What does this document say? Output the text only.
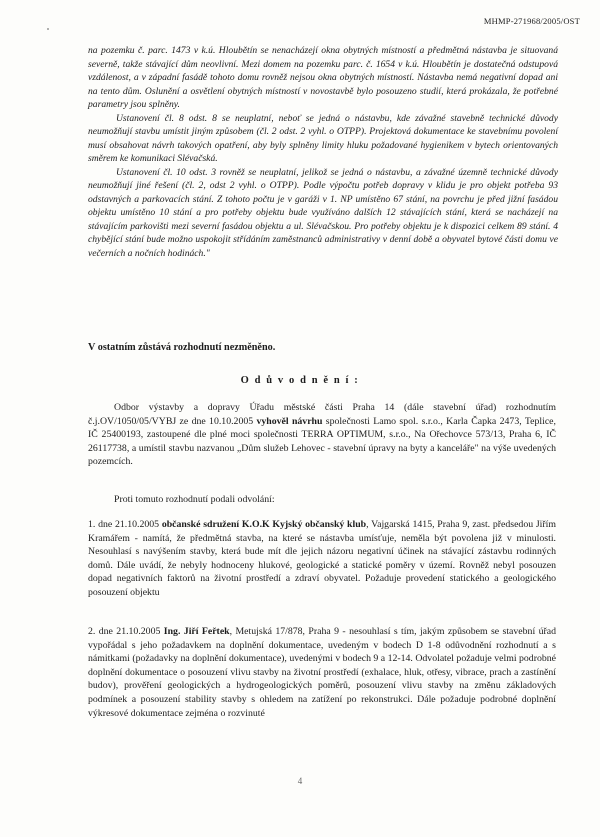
MHMP-271968/2005/OST

na pozemku č. parc. 1473 v k.ú. Hloubětín se nenacházejí okna obytných místností a předmětná nástavba je situovaná severně, takže stávající dům neovlivní. Mezi domem na pozemku parc. č. 1654 v k.ú. Hloubětín je dostatečná odstupová vzdálenost, a v západní fasádě tohoto domu rovněž nejsou okna obytných místností. Nástavba nemá negativní dopad ani na tento dům. Oslunění a osvětlení obytných místností v novostavbě bylo posouzeno studií, která prokázala, že potřebné parametry jsou splněny.

Ustanovení čl. 8 odst. 8 se neuplatní, neboť se jedná o nástavbu, kde závažné stavebně technické důvody neumožňují stavbu umístit jiným způsobem (čl. 2 odst. 2 vyhl. o OTPP). Projektová dokumentace ke stavebnímu povolení musí obsahovat návrh takových opatření, aby byly splněny limity hluku požadované hygienikem v bytech orientovaných směrem ke komunikaci Slévačská.

Ustanovení čl. 10 odst. 3 rovněž se neuplatní, jelikož se jedná o nástavbu, a závažné územně technické důvody neumožňují jiné řešení (čl. 2, odst 2 vyhl. o OTPP). Podle výpočtu potřeb dopravy v klidu je pro objekt potřeba 93 odstavných a parkovacích stání. Z tohoto počtu je v garáži v 1. NP umístěno 67 stání, na povrchu je před jižní fasádou objektu umístěno 10 stání a pro potřeby objektu bude využíváno dalších 12 stávajících stání, která se nacházejí na stávajícím parkovišti mezi severní fasádou objektu a ul. Slévačskou. Pro potřeby objektu je k dispozici celkem 89 stání. 4 chybějící stání bude možno uspokojit střídáním zaměstnanců administrativy v denní době a obyvatel bytové části domu ve večerních a nočních hodinách."

V ostatním zůstává rozhodnutí nezměněno.
O d ů v o d n ě n í :

Odbor výstavby a dopravy Úřadu městské části Praha 14 (dále stavební úřad) rozhodnutím č.j.OV/1050/05/VYBJ ze dne 10.10.2005 vyhověl návrhu společnosti Lamo spol. s.r.o., Karla Čapka 2473, Teplice, IČ 25400193, zastoupené dle plné moci společnosti TERRA OPTIMUM, s.r.o., Na Ořechovce 573/13, Praha 6, IČ 26117738, a umístil stavbu nazvanou „Dům služeb Lehovec - stavební úpravy na byty a kanceláře" na výše uvedených pozemcích.

Proti tomuto rozhodnutí podali odvolání:

1. dne 21.10.2005 občanské sdružení K.O.K Kyjský občanský klub, Vajgarská 1415, Praha 9, zast. předsedou Jiřím Kramářem - namítá, že předmětná stavba, na které se nástavba umísťuje, neměla být povolena již v minulosti. Nesouhlasí s navýšením stavby, která bude mít dle jejich názoru negativní účinek na stávající zástavbu rodinných domů. Dále uvádí, že nebyly hodnoceny hlukové, geologické a statické poměry v území. Rovněž nebyl posouzen dopad negativních faktorů na životní prostředí a zdraví obyvatel. Požaduje provedení statického a geologického posouzení objektu

2. dne 21.10.2005 Ing. Jiří Feřtek, Metujská 17/878, Praha 9 - nesouhlasí s tím, jakým způsobem se stavební úřad vypořádal s jeho požadavkem na doplnění dokumentace, uvedeným v bodech D 1-8 odůvodnění rozhodnutí a s námitkami (požadavky na doplnění dokumentace), uvedenými v bodech 9 a 12-14. Odvolatel požaduje velmi podrobné doplnění dokumentace o posouzení vlivu stavby na životní prostředí (exhalace, hluk, otřesy, vibrace, prach a zastínění budov), prověření geologických a hydrogeologických poměrů, posouzení vlivu stavby na změnu základových podmínek a posouzení stability stavby s ohledem na zatížení po rekonstrukci. Dále požaduje podrobné doplnění výkresové dokumentace zejména o rozvinuté

4
